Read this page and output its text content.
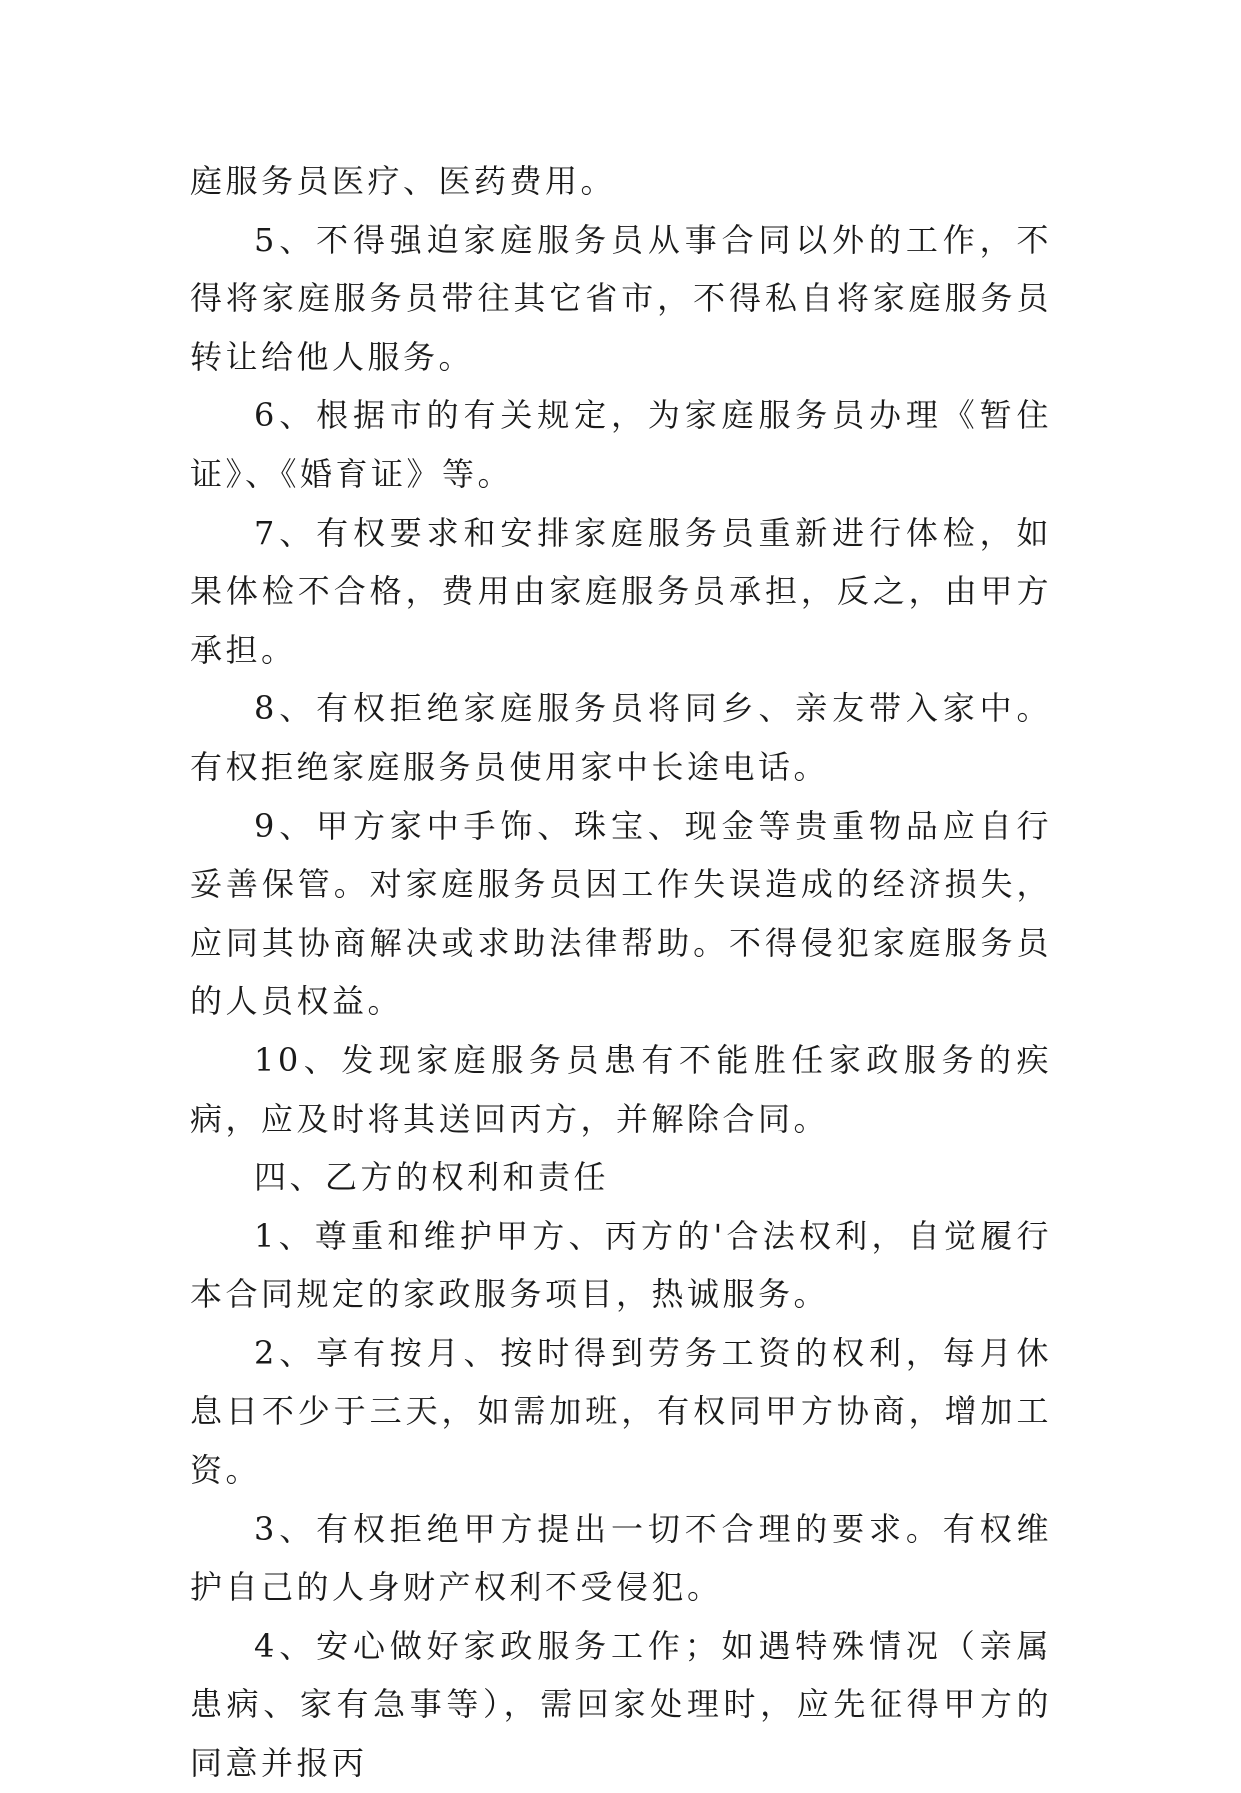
庭服务员医疗、医药费用。

5、不得强迫家庭服务员从事合同以外的工作，不得将家庭服务员带往其它省市，不得私自将家庭服务员转让给他人服务。

6、根据市的有关规定，为家庭服务员办理《暂住证》、《婚育证》等。

7、有权要求和安排家庭服务员重新进行体检，如果体检不合格，费用由家庭服务员承担，反之，由甲方承担。

8、有权拒绝家庭服务员将同乡、亲友带入家中。有权拒绝家庭服务员使用家中长途电话。

9、甲方家中手饰、珠宝、现金等贵重物品应自行妥善保管。对家庭服务员因工作失误造成的经济损失，应同其协商解决或求助法律帮助。不得侵犯家庭服务员的人员权益。

10、发现家庭服务员患有不能胜任家政服务的疾病，应及时将其送回丙方，并解除合同。

四、乙方的权利和责任

1、尊重和维护甲方、丙方的'合法权利，自觉履行本合同规定的家政服务项目，热诚服务。

2、享有按月、按时得到劳务工资的权利，每月休息日不少于三天，如需加班，有权同甲方协商，增加工资。

3、有权拒绝甲方提出一切不合理的要求。有权维护自己的人身财产权利不受侵犯。

4、安心做好家政服务工作；如遇特殊情况（亲属患病、家有急事等），需回家处理时，应先征得甲方的同意并报丙
